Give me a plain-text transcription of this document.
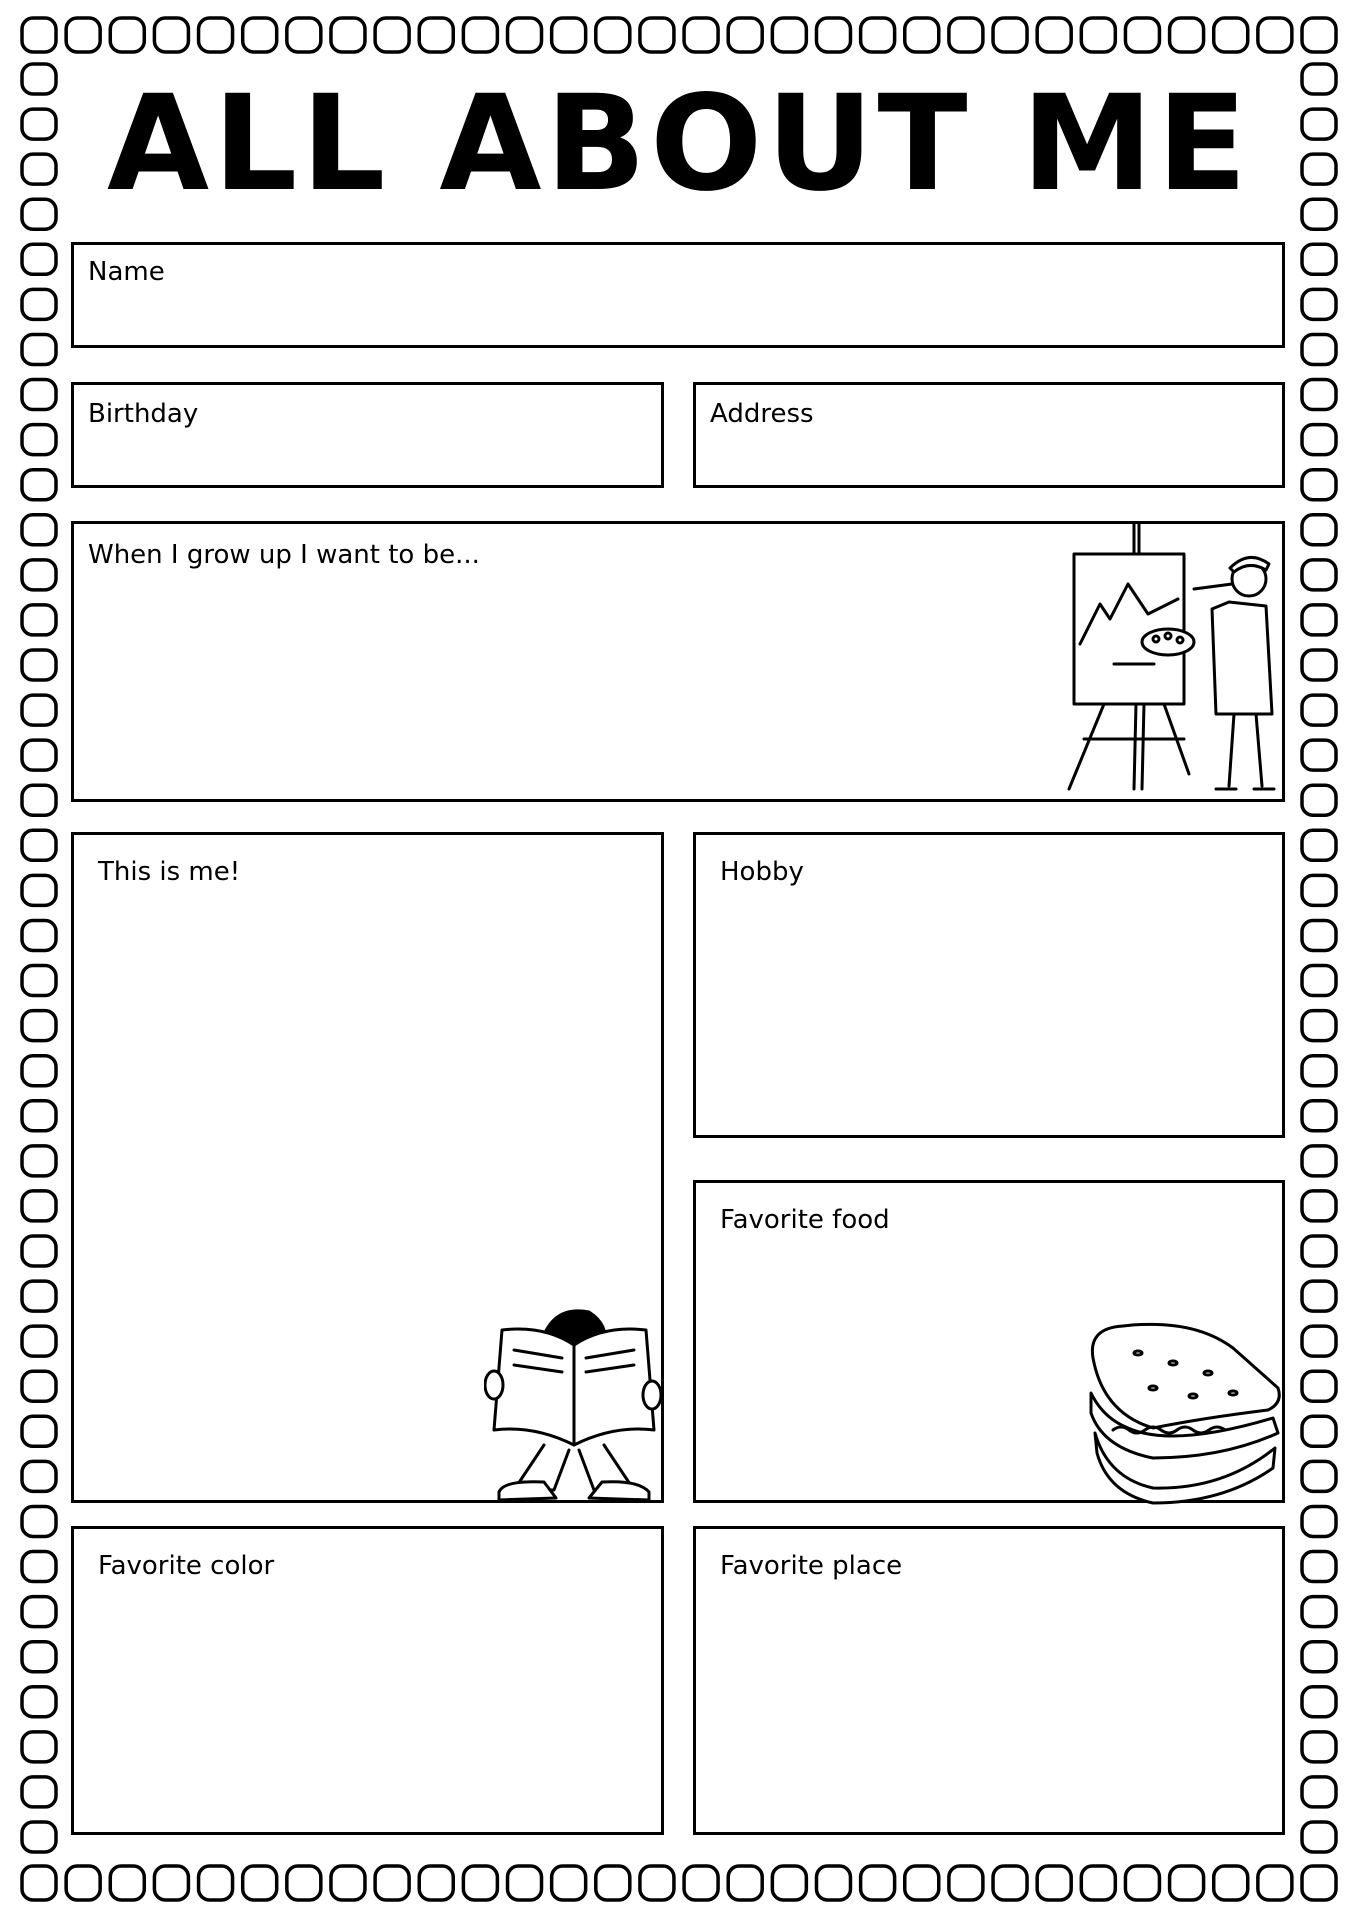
ALL ABOUT ME
Name
Birthday	Address
When I grow up I want to be...
This is me!	Hobby
Favorite food
Favorite color	Favorite place
